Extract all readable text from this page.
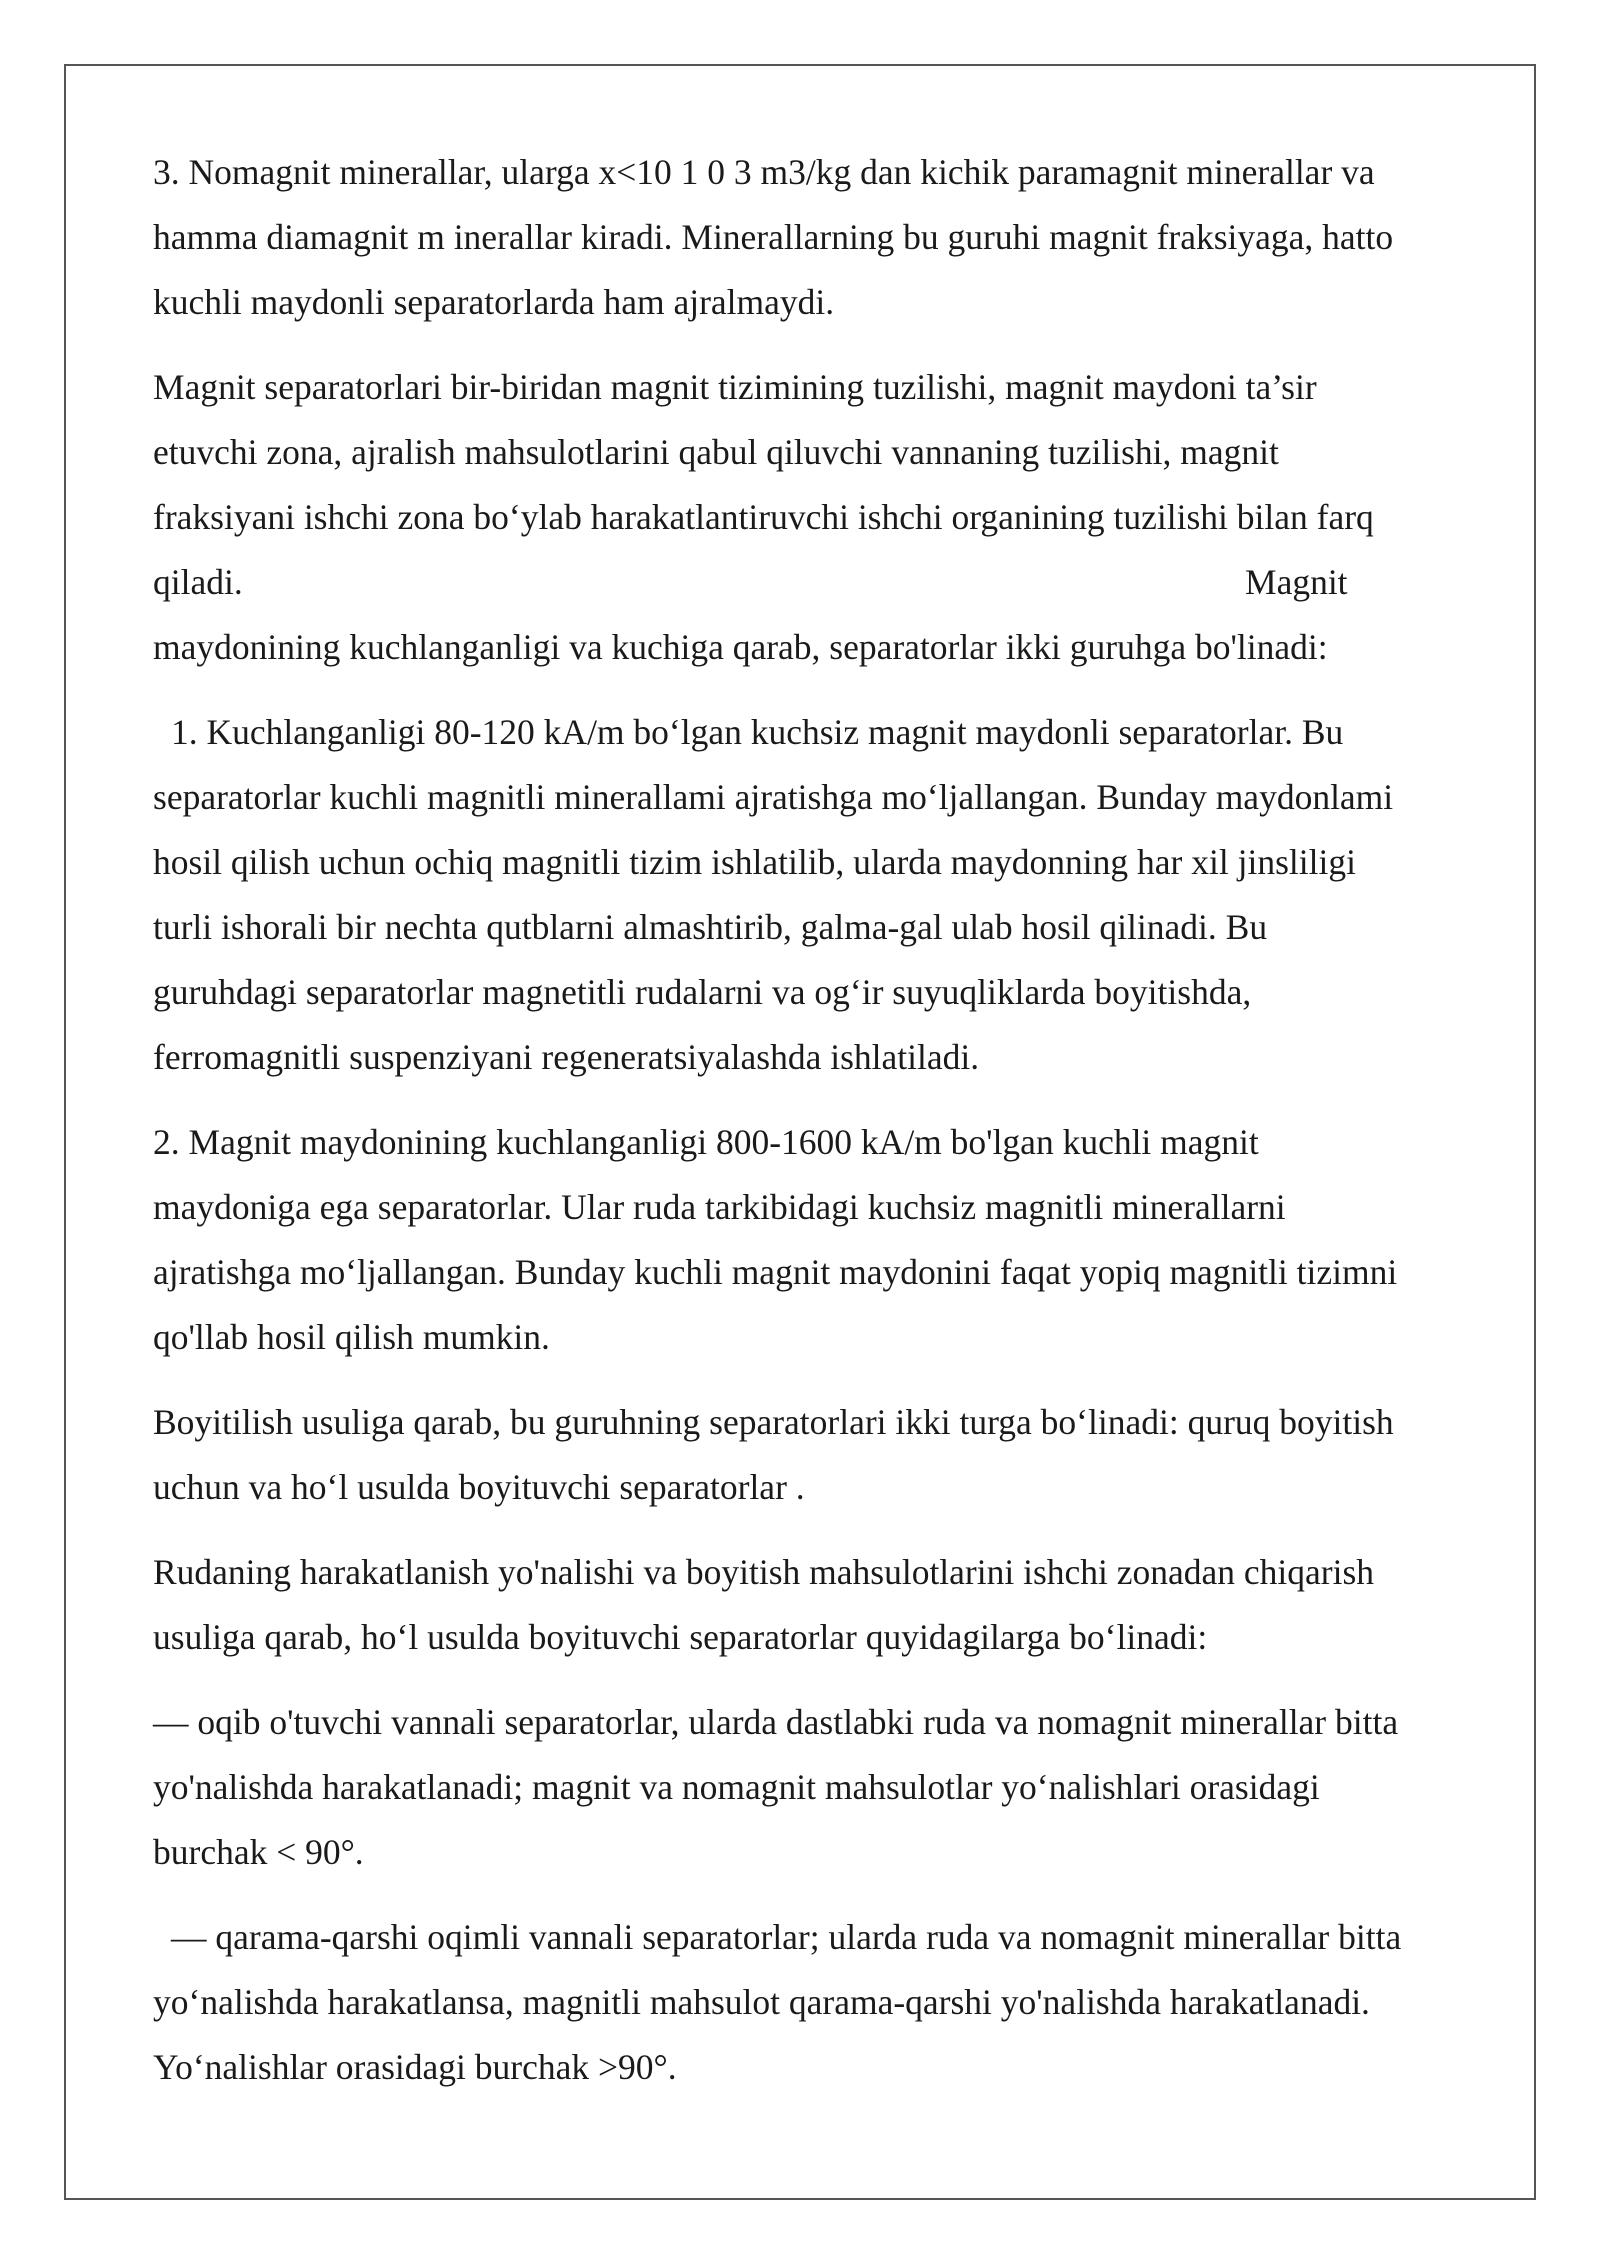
3. Nomagnit minerallar, ularga x<10 1 0 3 m3/kg dan kichik paramagnit minerallar va
hamma diamagnit m inerallar kiradi. Minerallarning bu guruhi magnit fraksiyaga, hatto
kuchli maydonli separatorlarda ham ajralmaydi.

Magnit separatorlari bir-biridan magnit tizimining tuzilishi, magnit maydoni ta’sir
etuvchi zona, ajralish mahsulotlarini qabul qiluvchi vannaning tuzilishi, magnit
fraksiyani ishchi zona bo‘ylab harakatlantiruvchi ishchi organining tuzilishi bilan farq
qiladi.	Magnit
maydonining kuchlanganligi va kuchiga qarab, separatorlar ikki guruhga bo'linadi:

1. Kuchlanganligi 80-120 kA/m bo‘lgan kuchsiz magnit maydonli separatorlar. Bu
separatorlar kuchli magnitli minerallami ajratishga mo‘ljallangan. Bunday maydonlami
hosil qilish uchun ochiq magnitli tizim ishlatilib, ularda maydonning har xil jinsliligi
turli ishorali bir nechta qutblarni almashtirib, galma-gal ulab hosil qilinadi. Bu
guruhdagi separatorlar magnetitli rudalarni va og‘ir suyuqliklarda boyitishda,
ferromagnitli suspenziyani regeneratsiyalashda ishlatiladi.

2. Magnit maydonining kuchlanganligi 800-1600 kA/m bo'lgan kuchli magnit
maydoniga ega separatorlar. Ular ruda tarkibidagi kuchsiz magnitli minerallarni
ajratishga mo‘ljallangan. Bunday kuchli magnit maydonini faqat yopiq magnitli tizimni
qo'llab hosil qilish mumkin.

Boyitilish usuliga qarab, bu guruhning separatorlari ikki turga bo‘linadi: quruq boyitish
uchun va ho‘l usulda boyituvchi separatorlar .

Rudaning harakatlanish yo'nalishi va boyitish mahsulotlarini ishchi zonadan chiqarish
usuliga qarab, ho‘l usulda boyituvchi separatorlar quyidagilarga bo‘linadi:

— oqib o'tuvchi vannali separatorlar, ularda dastlabki ruda va nomagnit minerallar bitta
yo'nalishda harakatlanadi; magnit va nomagnit mahsulotlar yo‘nalishlari orasidagi
burchak < 90°.

— qarama-qarshi oqimli vannali separatorlar; ularda ruda va nomagnit minerallar bitta
yo‘nalishda harakatlansa, magnitli mahsulot qarama-qarshi yo'nalishda harakatlanadi.
Yo‘nalishlar orasidagi burchak >90°.
